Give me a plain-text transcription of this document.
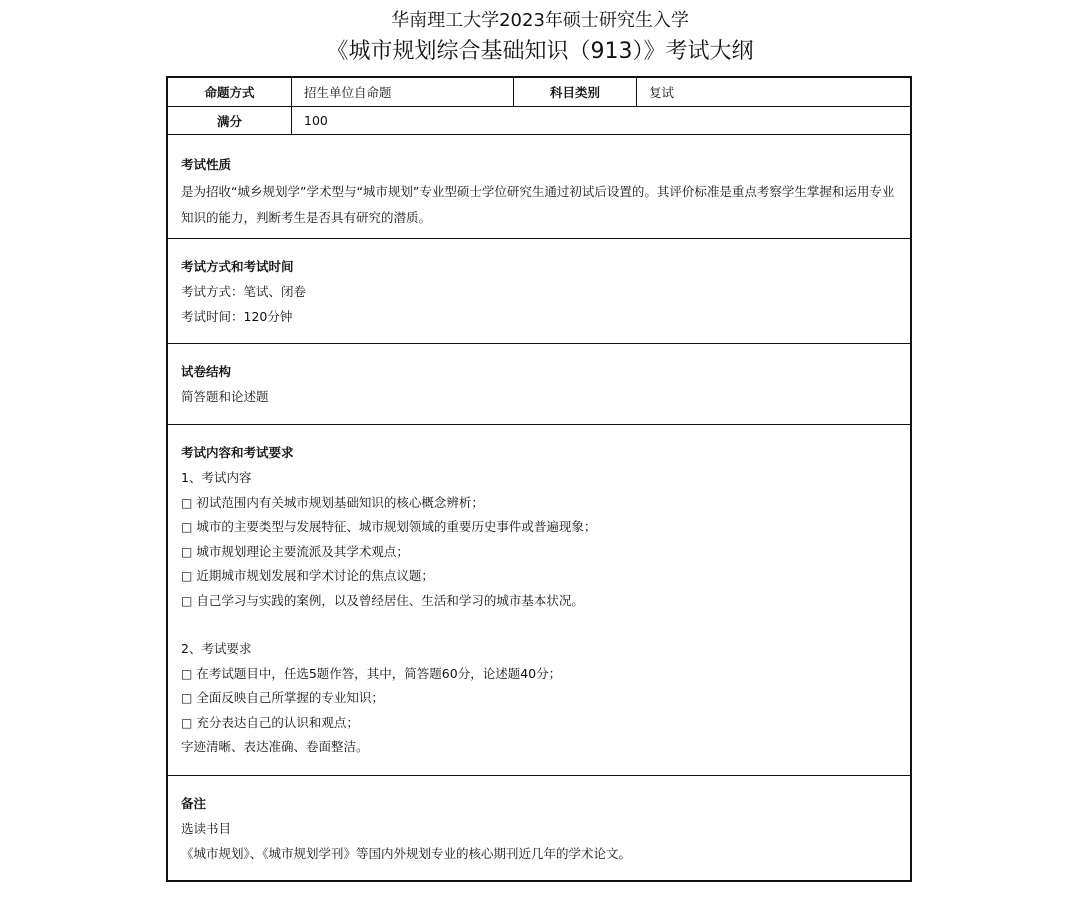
华南理工大学2023年硕士研究生入学
《城市规划综合基础知识（913）》考试大纲
命题方式	招生单位自命题	科目类别	复试
满分	100
考试性质
是为招收“城乡规划学”学术型与“城市规划”专业型硕士学位研究生通过初试后设置的。其评价标准是重点考察学生掌握和运用专业知识的能力，判断考生是否具有研究的潜质。
考试方式和考试时间
考试方式：笔试、闭卷
考试时间：120分钟
试卷结构
简答题和论述题
考试内容和考试要求
1、考试内容
□ 初试范围内有关城市规划基础知识的核心概念辨析；
□ 城市的主要类型与发展特征、城市规划领域的重要历史事件或普遍现象；
□ 城市规划理论主要流派及其学术观点；
□ 近期城市规划发展和学术讨论的焦点议题；
□ 自己学习与实践的案例，以及曾经居住、生活和学习的城市基本状况。
2、考试要求
□ 在考试题目中，任选5题作答，其中，简答题60分，论述题40分；
□ 全面反映自己所掌握的专业知识；
□ 充分表达自己的认识和观点；
字迹清晰、表达准确、卷面整洁。
备注
选读书目
《城市规划》、《城市规划学刊》等国内外规划专业的核心期刊近几年的学术论文。
